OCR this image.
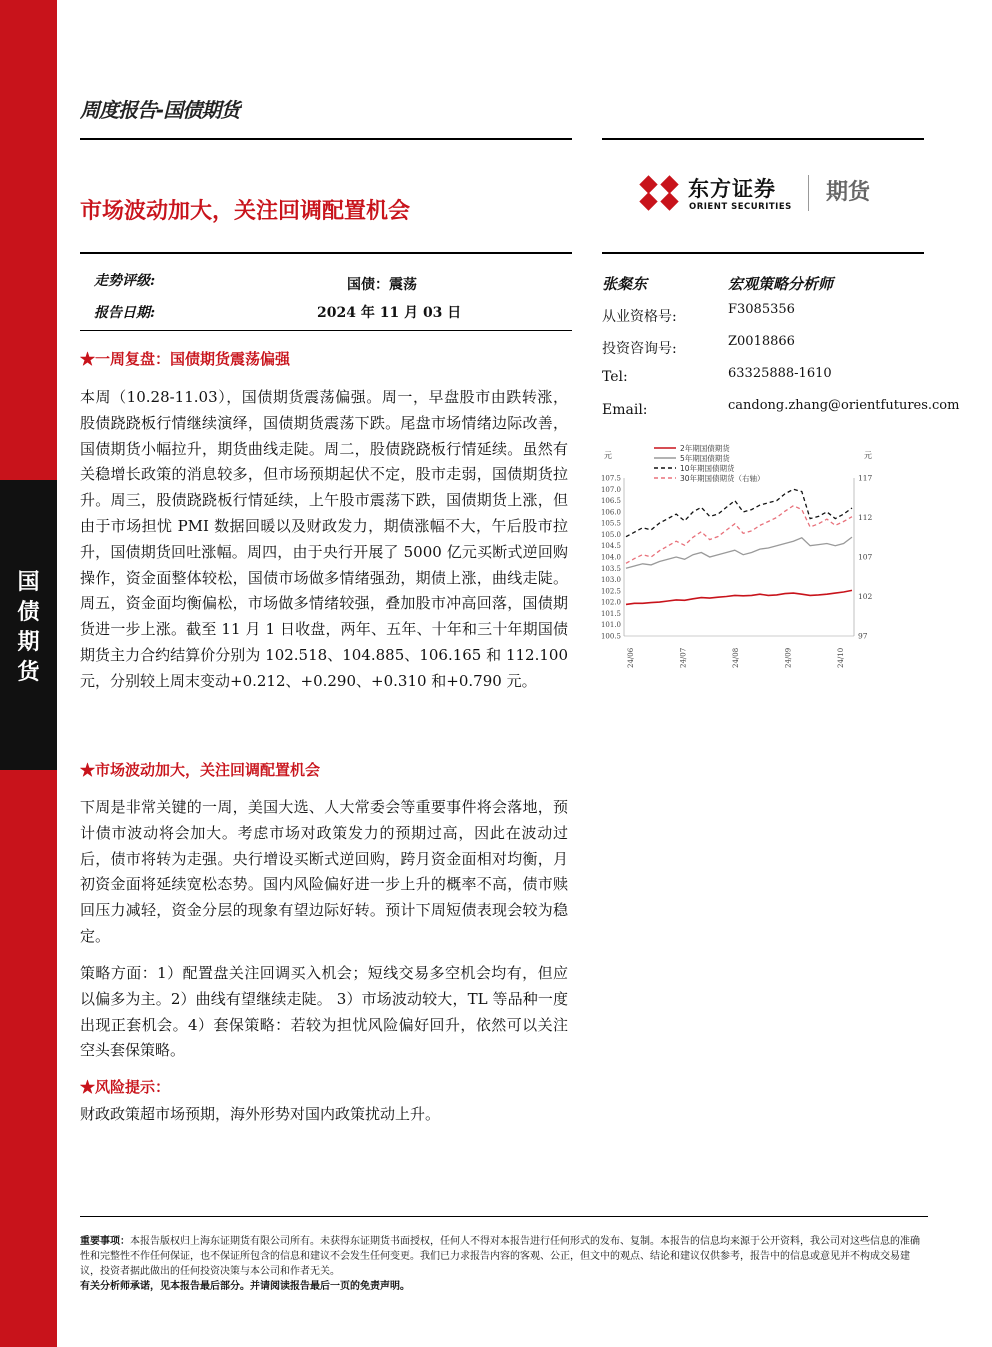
国
债
期
货
周度报告-国债期货
东方证券
ORIENT SECURITIES
期货
市场波动加大，关注回调配置机会
走势评级:	国债：震荡
报告日期:	2024 年 11 月 03 日
张粲东	宏观策略分析师
从业资格号:	F3085356
投资咨询号:	Z0018866
Tel:	63325888-1610
Email:	candong.zhang@orientfutures.com
★一周复盘：国债期货震荡偏强
本周（10.28-11.03），国债期货震荡偏强。周一，早盘股市由跌转涨，股债跷跷板行情继续演绎，国债期货震荡下跌。尾盘市场情绪边际改善，国债期货小幅拉升，期货曲线走陡。周二，股债跷跷板行情延续。虽然有关稳增长政策的消息较多，但市场预期起伏不定，股市走弱，国债期货拉升。周三，股债跷跷板行情延续，上午股市震荡下跌，国债期货上涨，但由于市场担忧 PMI 数据回暖以及财政发力，期债涨幅不大，午后股市拉升，国债期货回吐涨幅。周四，由于央行开展了 5000 亿元买断式逆回购操作，资金面整体较松，国债市场做多情绪强劲，期债上涨，曲线走陡。周五，资金面均衡偏松，市场做多情绪较强，叠加股市冲高回落，国债期货进一步上涨。截至 11 月 1 日收盘，两年、五年、十年和三十年期国债期货主力合约结算价分别为 102.518、104.885、106.165 和 112.100 元，分别较上周末变动+0.212、+0.290、+0.310 和+0.790 元。
★市场波动加大，关注回调配置机会
下周是非常关键的一周，美国大选、人大常委会等重要事件将会落地，预计债市波动将会加大。考虑市场对政策发力的预期过高，因此在波动过后，债市将转为走强。央行增设买断式逆回购，跨月资金面相对均衡，月初资金面将延续宽松态势。国内风险偏好进一步上升的概率不高，债市赎回压力减轻，资金分层的现象有望边际好转。预计下周短债表现会较为稳定。
策略方面：1）配置盘关注回调买入机会；短线交易多空机会均有，但应以偏多为主。2）曲线有望继续走陡。 3）市场波动较大，TL 等品种一度出现正套机会。4）套保策略：若较为担忧风险偏好回升，依然可以关注空头套保策略。
★风险提示：
财政政策超市场预期，海外形势对国内政策扰动上升。
元	元
107.5
107.0
106.5
106.0
105.5
105.0
104.5
104.0
103.5
103.0
102.5
102.0
101.5
101.0
100.5
117
112
107
102
97
24/06	24/07	24/08	24/09	24/10
2年期国债期货
5年期国债期货
10年期国债期货
30年期国债期货（右轴）
重要事项：本报告版权归上海东证期货有限公司所有。未获得东证期货书面授权，任何人不得对本报告进行任何形式的发布、复制。本报告的信息均来源于公开资料，我公司对这些信息的准确性和完整性不作任何保证，也不保证所包含的信息和建议不会发生任何变更。我们已力求报告内容的客观、公正，但文中的观点、结论和建议仅供参考，报告中的信息或意见并不构成交易建议，投资者据此做出的任何投资决策与本公司和作者无关。
有关分析师承诺，见本报告最后部分。并请阅读报告最后一页的免责声明。
